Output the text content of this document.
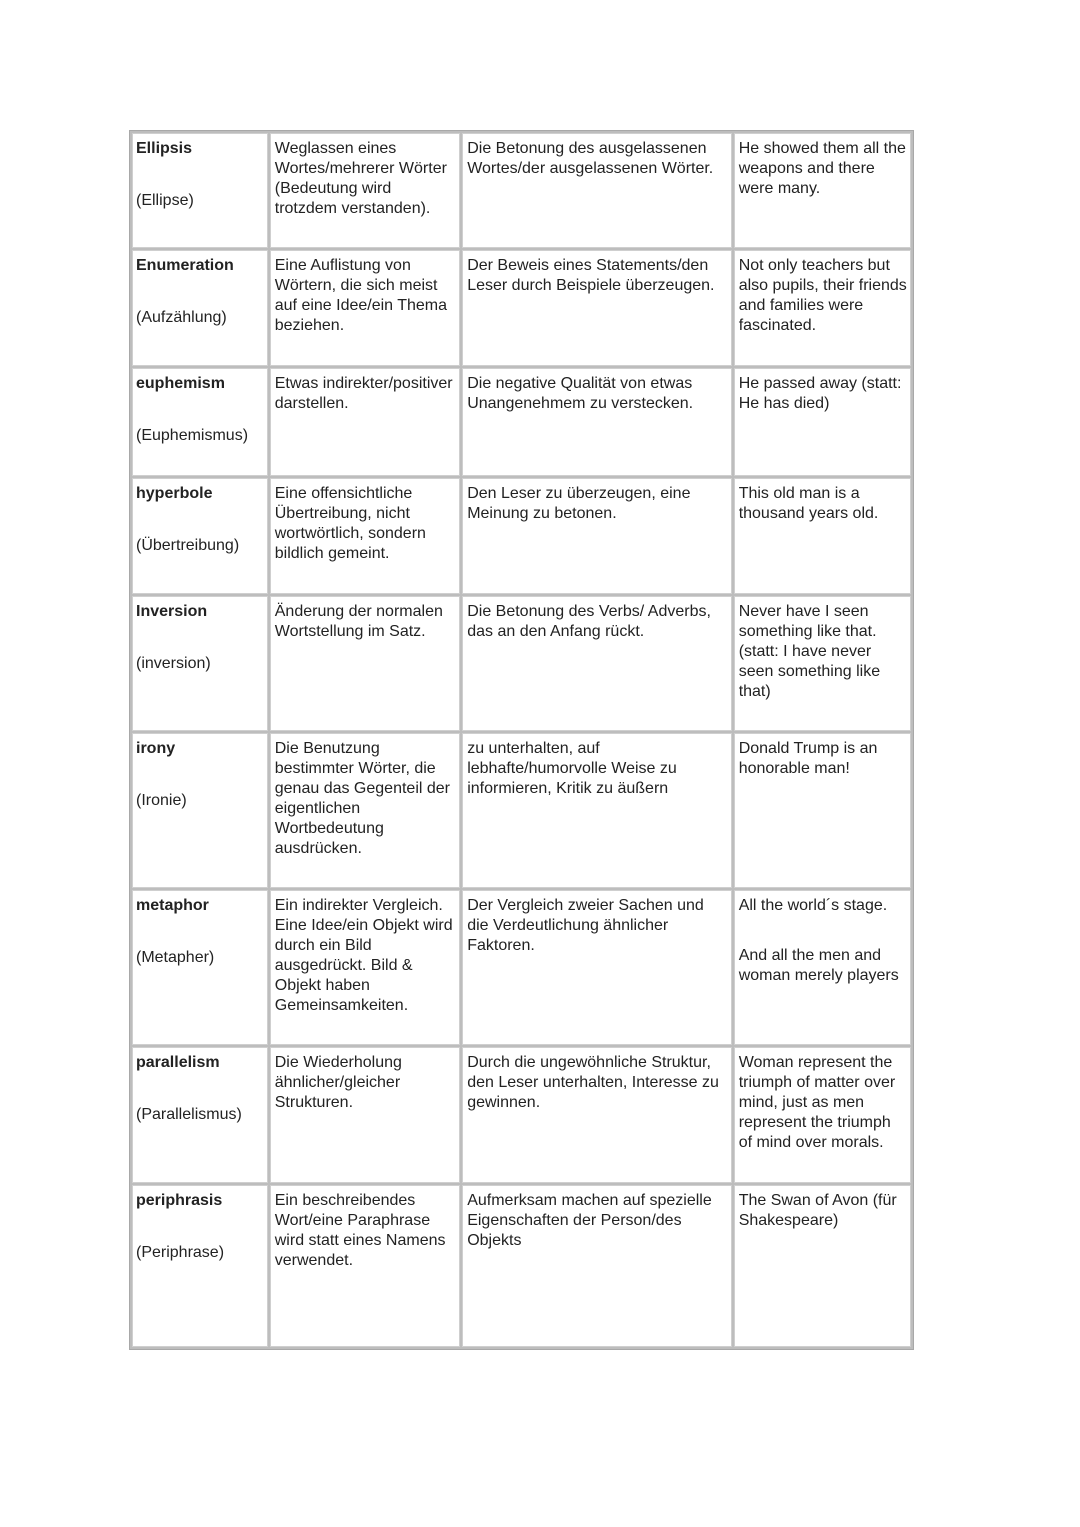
Ellipsis
(Ellipse)	Weglassen eines Wortes/mehrerer Wörter (Bedeutung wird trotzdem verstanden).	Die Betonung des ausgelassenen Wortes/der ausgelassenen Wörter.	He showed them all the weapons and there were many.

Enumeration
(Aufzählung)	Eine Auflistung von Wörtern, die sich meist auf eine Idee/ein Thema beziehen.	Der Beweis eines Statements/den Leser durch Beispiele überzeugen.	Not only teachers but also pupils, their friends and families were fascinated.

euphemism
(Euphemismus)	Etwas indirekter/positiver darstellen.	Die negative Qualität von etwas Unangenehmem zu verstecken.	He passed away (statt: He has died)

hyperbole
(Übertreibung)	Eine offensichtliche Übertreibung, nicht wortwörtlich, sondern bildlich gemeint.	Den Leser zu überzeugen, eine Meinung zu betonen.	This old man is a thousand years old.

Inversion
(inversion)	Änderung der normalen Wortstellung im Satz.	Die Betonung des Verbs/ Adverbs, das an den Anfang rückt.	Never have I seen something like that.(statt: I have never seen something like that)

irony
(Ironie)	Die Benutzung bestimmter Wörter, die genau das Gegenteil der eigentlichen Wortbedeutung ausdrücken.	zu unterhalten, auf lebhafte/humorvolle Weise zu informieren, Kritik zu äußern	Donald Trump is an honorable man!

metaphor
(Metapher)	Ein indirekter Vergleich. Eine Idee/ein Objekt wird durch ein Bild ausgedrückt. Bild & Objekt haben Gemeinsamkeiten.	Der Vergleich zweier Sachen und die Verdeutlichung ähnlicher Faktoren.	All the world´s stage.
And all the men and woman merely players

parallelism
(Parallelismus)	Die Wiederholung ähnlicher/gleicher Strukturen.	Durch die ungewöhnliche Struktur, den Leser unterhalten, Interesse zu gewinnen.	Woman represent the triumph of matter over mind, just as men represent the triumph of mind over morals.

periphrasis
(Periphrase)	Ein beschreibendes Wort/eine Paraphrase wird statt eines Namens verwendet.	Aufmerksam machen auf spezielle Eigenschaften der Person/des Objekts	The Swan of Avon (für Shakespeare)
